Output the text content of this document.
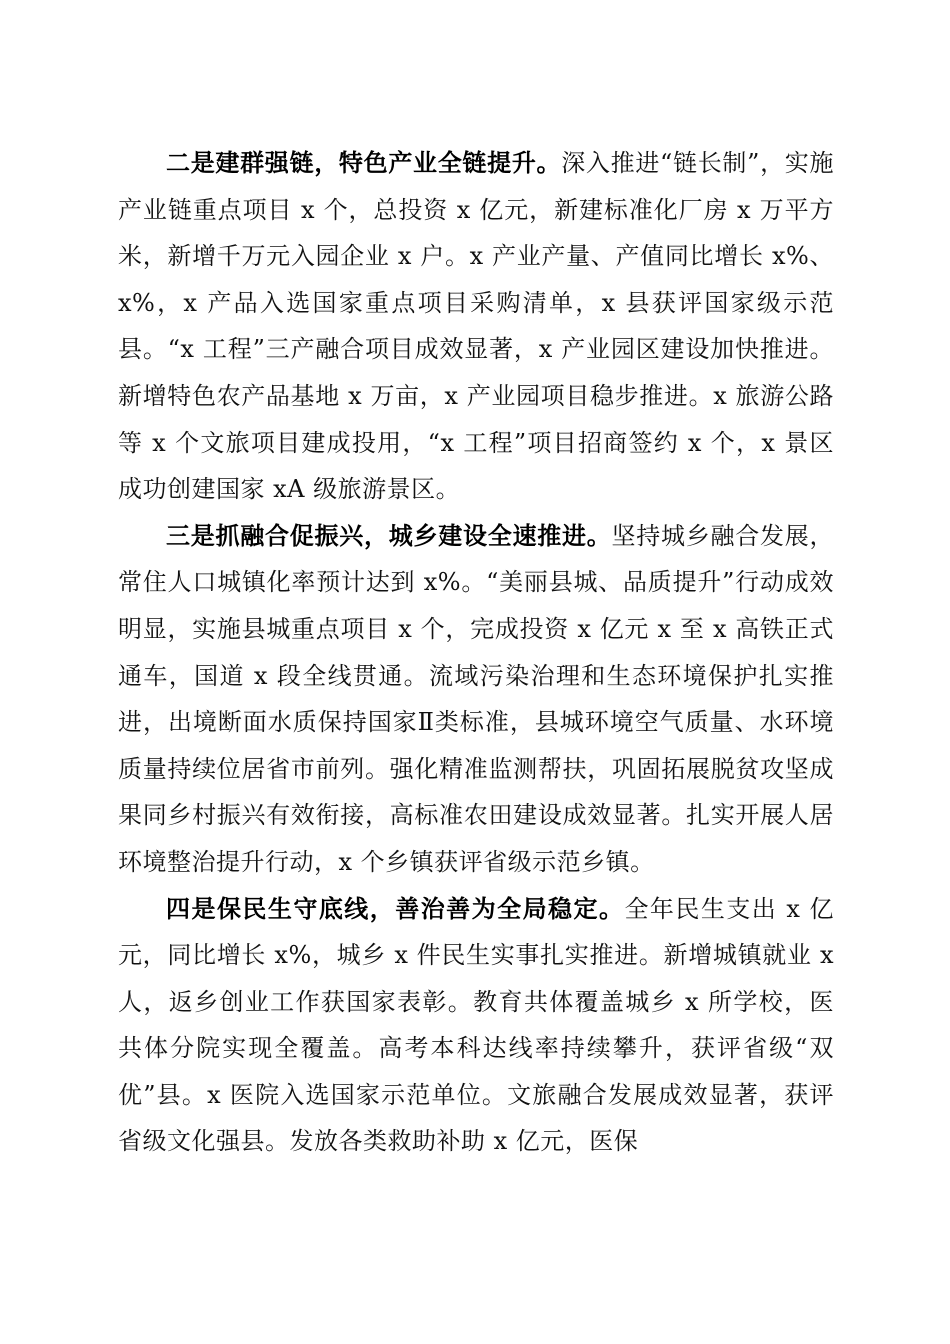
二是建群强链，特色产业全链提升。深入推进“链长制”，实施产业链重点项目 x 个，总投资 x 亿元，新建标准化厂房 x 万平方米，新增千万元入园企业 x 户。x 产业产量、产值同比增长 x%、x%，x 产品入选国家重点项目采购清单，x 县获评国家级示范县。“x 工程”三产融合项目成效显著，x 产业园区建设加快推进。新增特色农产品基地 x 万亩，x 产业园项目稳步推进。x 旅游公路等 x 个文旅项目建成投用，“x 工程”项目招商签约 x 个，x 景区成功创建国家 xA 级旅游景区。

三是抓融合促振兴，城乡建设全速推进。坚持城乡融合发展，常住人口城镇化率预计达到 x%。“美丽县城、品质提升”行动成效明显，实施县城重点项目 x 个，完成投资 x 亿元 x 至 x 高铁正式通车，国道 x 段全线贯通。流域污染治理和生态环境保护扎实推进，出境断面水质保持国家Ⅱ类标准，县城环境空气质量、水环境质量持续位居省市前列。强化精准监测帮扶，巩固拓展脱贫攻坚成果同乡村振兴有效衔接，高标准农田建设成效显著。扎实开展人居环境整治提升行动，x 个乡镇获评省级示范乡镇。

四是保民生守底线，善治善为全局稳定。全年民生支出 x 亿元，同比增长 x%，城乡 x 件民生实事扎实推进。新增城镇就业 x 人，返乡创业工作获国家表彰。教育共体覆盖城乡 x 所学校，医共体分院实现全覆盖。高考本科达线率持续攀升，获评省级“双优”县。x 医院入选国家示范单位。文旅融合发展成效显著，获评省级文化强县。发放各类救助补助 x 亿元，医保
